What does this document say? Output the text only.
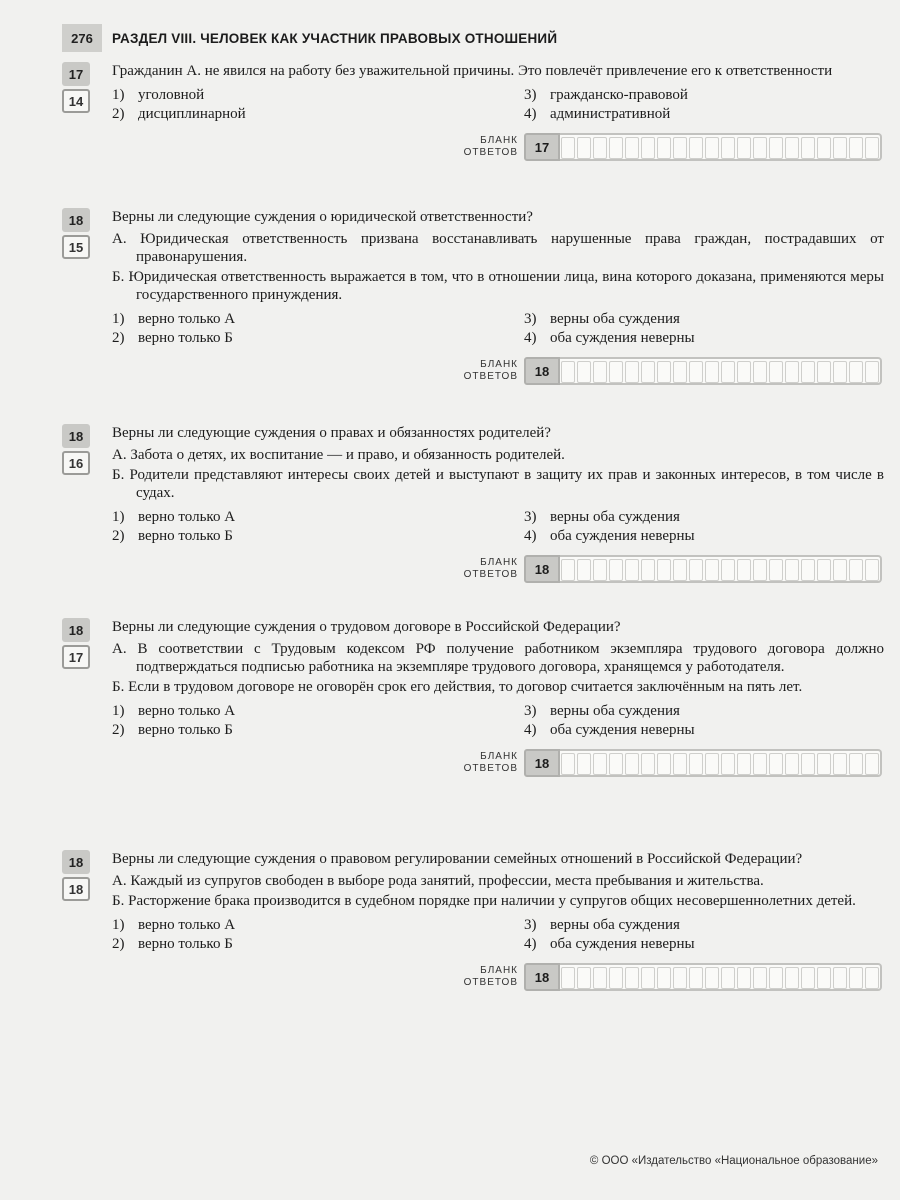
276	РАЗДЕЛ VIII. ЧЕЛОВЕК КАК УЧАСТНИК ПРАВОВЫХ ОТНОШЕНИЙ
17
14

Гражданин А. не явился на работу без уважительной причины. Это повлечёт привлечение его к ответственности

1) уголовной	3) гражданско-правовой
2) дисциплинарной	4) административной
БЛАНК
ОТВЕТОВ	17
18
15

Верны ли следующие суждения о юридической ответственности?

А. Юридическая ответственность призвана восстанавливать нарушенные права граждан, пострадавших от правонарушения.

Б. Юридическая ответственность выражается в том, что в отношении лица, вина которого доказана, применяются меры государственного принуждения.

1) верно только А	3) верны оба суждения
2) верно только Б	4) оба суждения неверны
БЛАНК
ОТВЕТОВ	18
18
16

Верны ли следующие суждения о правах и обязанностях родителей?

А. Забота о детях, их воспитание — и право, и обязанность родителей.

Б. Родители представляют интересы своих детей и выступают в защиту их прав и законных интересов, в том числе в судах.

1) верно только А	3) верны оба суждения
2) верно только Б	4) оба суждения неверны
БЛАНК
ОТВЕТОВ	18
18
17

Верны ли следующие суждения о трудовом договоре в Российской Федерации?

А. В соответствии с Трудовым кодексом РФ получение работником экземпляра трудового договора должно подтверждаться подписью работника на экземпляре трудового договора, хранящемся у работодателя.

Б. Если в трудовом договоре не оговорён срок его действия, то договор считается заключённым на пять лет.

1) верно только А	3) верны оба суждения
2) верно только Б	4) оба суждения неверны
БЛАНК
ОТВЕТОВ	18
18
18

Верны ли следующие суждения о правовом регулировании семейных отношений в Российской Федерации?

А. Каждый из супругов свободен в выборе рода занятий, профессии, места пребывания и жительства.

Б. Расторжение брака производится в судебном порядке при наличии у супругов общих несовершеннолетних детей.

1) верно только А	3) верны оба суждения
2) верно только Б	4) оба суждения неверны
БЛАНК
ОТВЕТОВ	18
© ООО «Издательство «Национальное образование»
